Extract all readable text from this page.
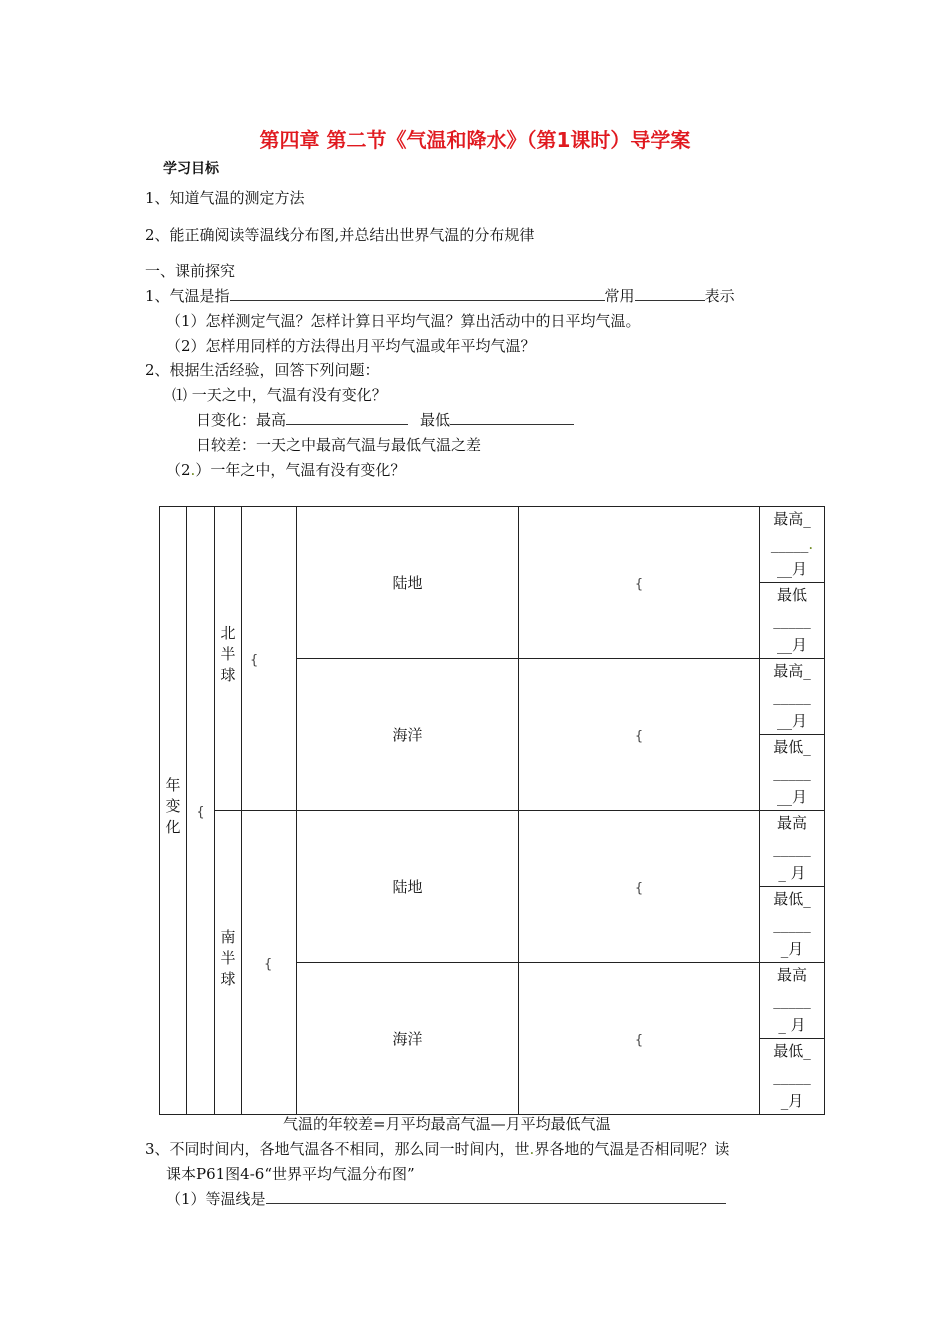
第四章 第二节《气温和降水》（第1课时）导学案
学习目标
1、知道气温的测定方法
2、能正确阅读等温线分布图,并总结出世界气温的分布规律
一、课前探究
1、气温是指	常用	表示
（1）怎样测定气温？怎样计算日平均气温？算出活动中的日平均气温。
（2）怎样用同样的方法得出月平均气温或年平均气温？
2、根据生活经验，回答下列问题：
⑴ 一天之中，气温有没有变化？
日变化：最高	最低
日较差：一天之中最高气温与最低气温之差
（2.）一年之中，气温有没有变化？
年变化	{	北半球	{	陆地	{	最高_
_____.
__月

						最低
_____
__月

				海洋	{	最高_
_____
__月

						最低_
_____
__月

		南半球	{	陆地	{	最高
_____
_ 月

						最低_
_____
_月

				海洋	{	最高
_____
_ 月

						最低_
_____
_月
气温的年较差=月平均最高气温—月平均最低气温
3、不同时间内，各地气温各不相同，那么同一时间内，世.界各地的气温是否相同呢？读
课本P61图4-6“世界平均气温分布图”
（1）等温线是
